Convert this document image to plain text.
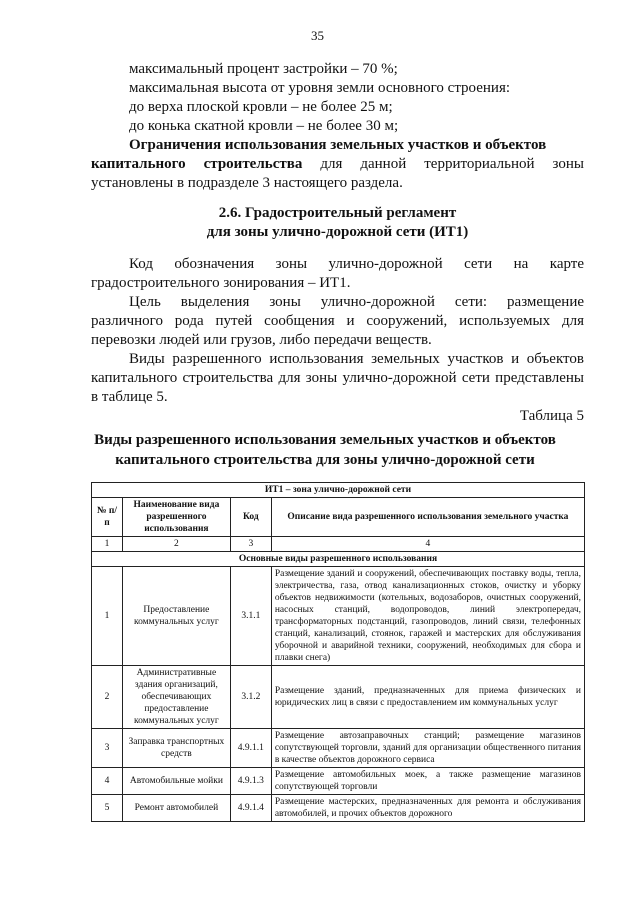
35
максимальный процент застройки – 70 %;
максимальная высота от уровня земли основного строения:
до верха плоской кровли – не более 25 м;
до конька скатной кровли – не более 30 м;
Ограничения использования земельных участков и объектов
капитального строительства для данной территориальной зоны
установлены в подразделе 3 настоящего раздела.
2.6. Градостроительный регламент
для зоны улично-дорожной сети (ИТ1)
Код обозначения зоны улично-дорожной сети на карте
градостроительного зонирования – ИТ1.
Цель выделения зоны улично-дорожной сети: размещение
различного рода путей сообщения и сооружений, используемых для
перевозки людей или грузов, либо передачи веществ.
Виды разрешенного использования земельных участков и объектов
капитального строительства для зоны улично-дорожной сети представлены
в таблице 5.
Таблица 5
Виды разрешенного использования земельных участков и объектов
капитального строительства для зоны улично-дорожной сети
ИТ1 – зона улично-дорожной сети			
№ п/п	Наименование вида разрешенного использования	Код	Описание вида разрешенного использования земельного участка
1	2	3	4
Основные виды разрешенного использования			
1	Предоставление коммунальных услуг	3.1.1	Размещение зданий и сооружений, обеспечивающих поставку воды, тепла, электричества, газа, отвод канализационных стоков, очистку и уборку объектов недвижимости (котельных, водозаборов, очистных сооружений, насосных станций, водопроводов, линий электропередач, трансформаторных подстанций, газопроводов, линий связи, телефонных станций, канализаций, стоянок, гаражей и мастерских для обслуживания уборочной и аварийной техники, сооружений, необходимых для сбора и плавки снега)
2	Административные здания организаций, обеспечивающих предоставление коммунальных услуг	3.1.2	Размещение зданий, предназначенных для приема физических и юридических лиц в связи с предоставлением им коммунальных услуг
3	Заправка транспортных средств	4.9.1.1	Размещение автозаправочных станций; размещение магазинов сопутствующей торговли, зданий для организации общественного питания в качестве объектов дорожного сервиса
4	Автомобильные мойки	4.9.1.3	Размещение автомобильных моек, а также размещение магазинов сопутствующей торговли
5	Ремонт автомобилей	4.9.1.4	Размещение мастерских, предназначенных для ремонта и обслуживания автомобилей, и прочих объектов дорожного
